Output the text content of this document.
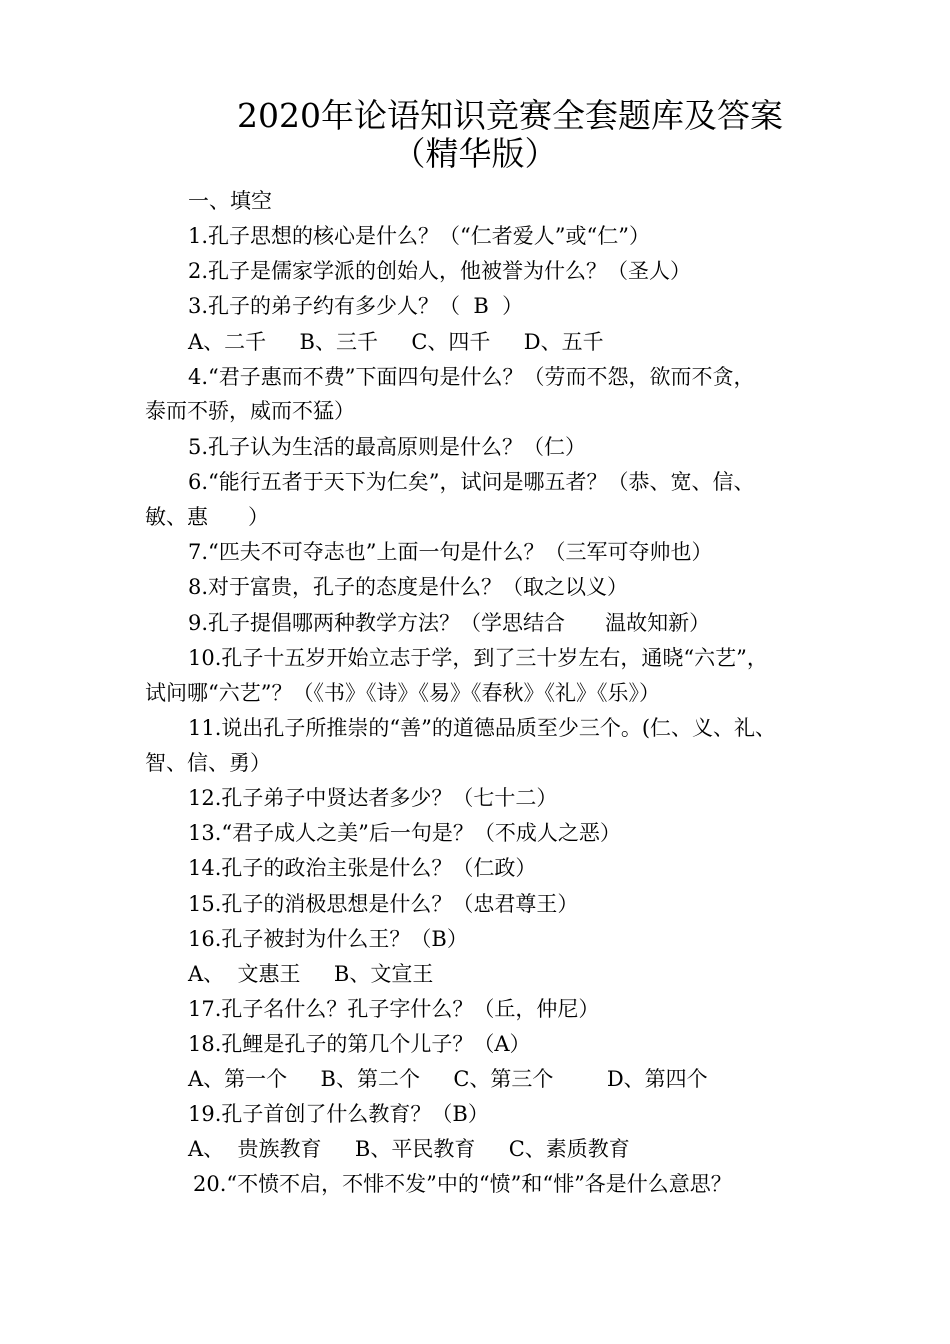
2020年论语知识竞赛全套题库及答案
（精华版）
一、填空
1.孔子思想的核心是什么？（“仁者爱人”或“仁”）
2.孔子是儒家学派的创始人，他被誉为什么？（圣人）
3.孔子的弟子约有多少人？（  B  ）
A、二千     B、三千     C、四千     D、五千
4.“君子惠而不费”下面四句是什么？（劳而不怨，欲而不贪，
泰而不骄，威而不猛）
5.孔子认为生活的最高原则是什么？（仁）
6.“能行五者于天下为仁矣”，试问是哪五者？（恭、宽、信、
敏、惠      ）
7.“匹夫不可夺志也”上面一句是什么？（三军可夺帅也）
8.对于富贵，孔子的态度是什么？（取之以义）
9.孔子提倡哪两种教学方法？（学思结合      温故知新）
10.孔子十五岁开始立志于学，到了三十岁左右，通晓“六艺”，
试问哪“六艺”？（《书》《诗》《易》《春秋》《礼》《乐》）
11.说出孔子所推崇的“善”的道德品质至少三个。(仁、义、礼、
智、信、勇）
12.孔子弟子中贤达者多少？（七十二）
13.“君子成人之美”后一句是？（不成人之恶）
14.孔子的政治主张是什么？（仁政）
15.孔子的消极思想是什么？（忠君尊王）
16.孔子被封为什么王？（B）
A、  文惠王     B、文宣王
17.孔子名什么？孔子字什么？（丘，仲尼）
18.孔鲤是孔子的第几个儿子？（A）
A、第一个     B、第二个     C、第三个        D、第四个
19.孔子首创了什么教育？（B）
A、  贵族教育     B、平民教育     C、素质教育
20.“不愤不启，不悱不发”中的“愤”和“悱”各是什么意思？
